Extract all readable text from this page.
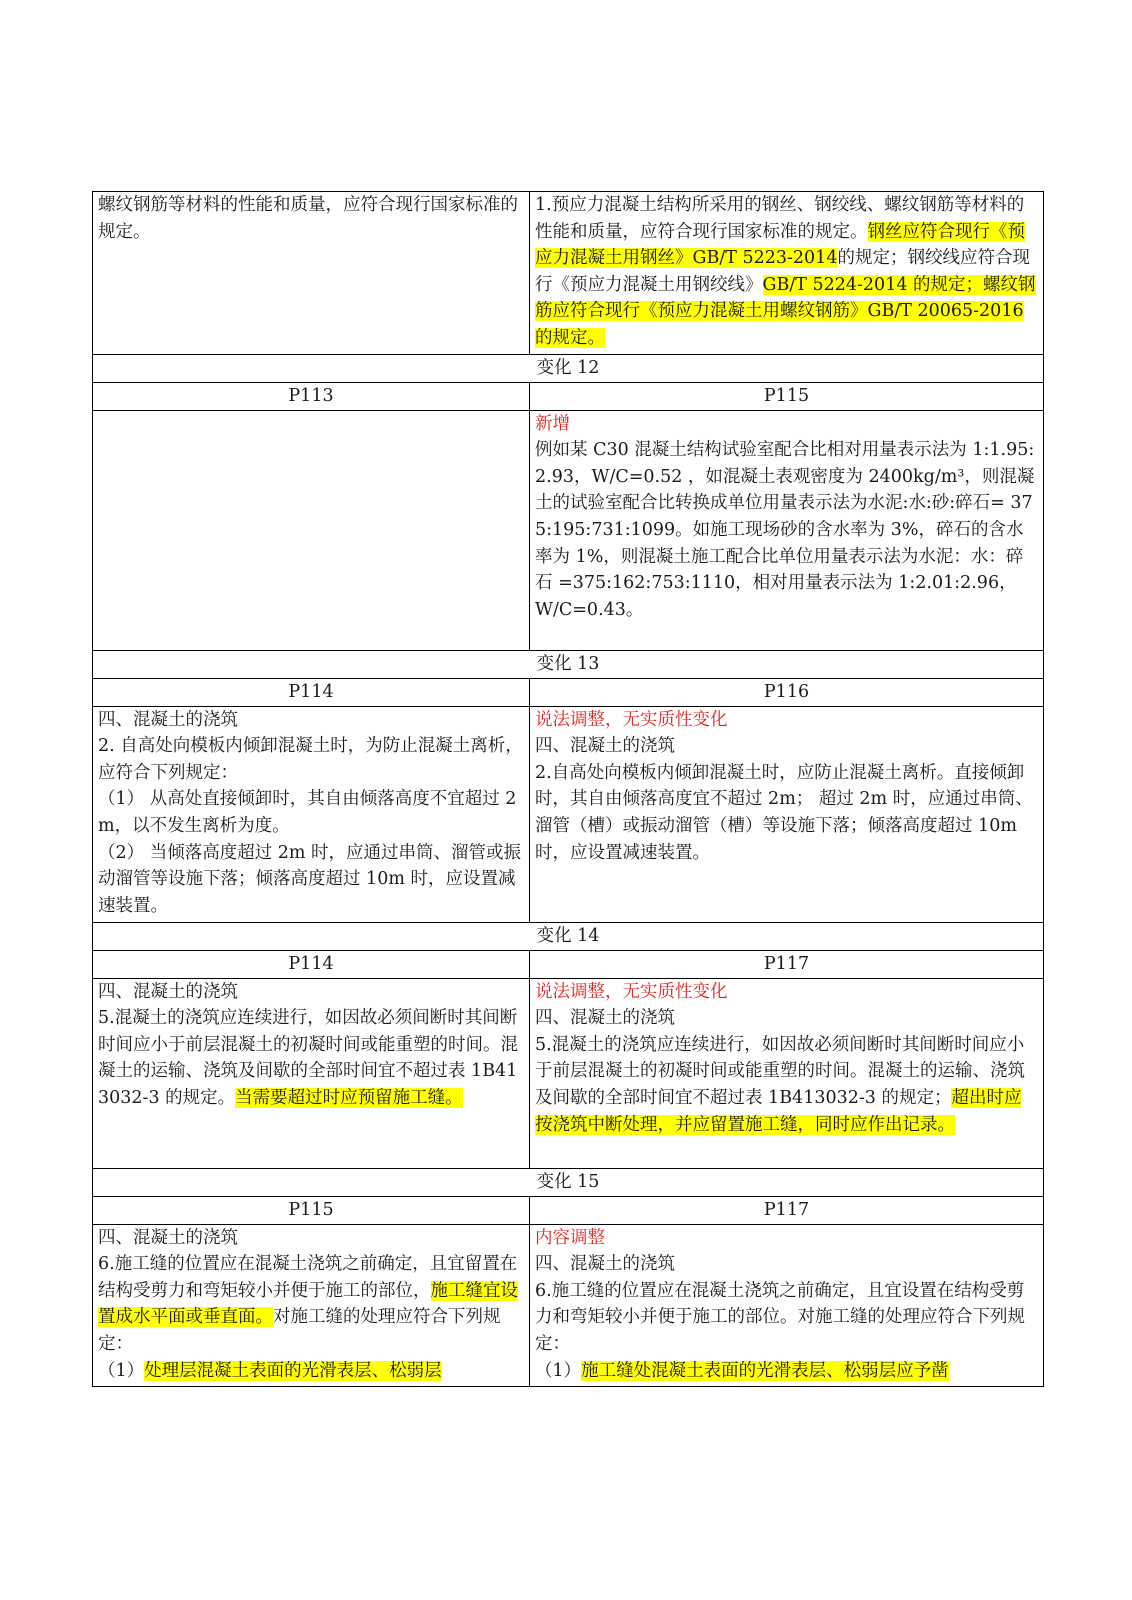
螺纹钢筋等材料的性能和质量，应符合现行国家标准的规定。	1.预应力混凝土结构所采用的钢丝、钢绞线、螺纹钢筋等材料的性能和质量，应符合现行国家标准的规定。钢丝应符合现行《预应力混凝土用钢丝》GB/T 5223-2014的规定；钢绞线应符合现行《预应力混凝土用钢绞线》GB/T 5224-2014 的规定；螺纹钢筋应符合现行《预应力混凝土用螺纹钢筋》GB/T 20065-2016 的规定。
变化 12	
P113	P115

	新增
例如某 C30 混凝土结构试验室配合比相对用量表示法为 1:1.95:2.93，W/C=0.52 ，如混凝土表观密度为 2400kg/m³，则混凝土的试验室配合比转换成单位用量表示法为水泥:水:砂:碎石= 375:195:731:1099。如施工现场砂的含水率为 3%，碎石的含水率为 1%，则混凝土施工配合比单位用量表示法为水泥：水：碎石 =375:162:753:1110，相对用量表示法为 1:2.01:2.96，W/C=0.43。

变化 13	
P114	P116

四、混凝土的浇筑
2. 自高处向模板内倾卸混凝土时，为防止混凝土离析，应符合下列规定：
（1） 从高处直接倾卸时，其自由倾落高度不宜超过 2m，以不发生离析为度。
（2） 当倾落高度超过 2m 时，应通过串筒、溜管或振动溜管等设施下落；倾落高度超过 10m 时，应设置减速装置。	说法调整，无实质性变化
四、混凝土的浇筑
2.自高处向模板内倾卸混凝土时，应防止混凝土离析。直接倾卸时，其自由倾落高度宜不超过 2m； 超过 2m 时，应通过串筒、溜管（槽）或振动溜管（槽）等设施下落；倾落高度超过 10m 时，应设置减速装置。

变化 14	
P114	P117

四、混凝土的浇筑
5.混凝土的浇筑应连续进行，如因故必须间断时其间断时间应小于前层混凝土的初凝时间或能重塑的时间。混凝土的运输、浇筑及间歇的全部时间宜不超过表 1B413032-3 的规定。当需要超过时应预留施工缝。	说法调整，无实质性变化
四、混凝土的浇筑
5.混凝土的浇筑应连续进行，如因故必须间断时其间断时间应小于前层混凝土的初凝时间或能重塑的时间。混凝土的运输、浇筑及间歇的全部时间宜不超过表 1B413032-3 的规定；超出时应按浇筑中断处理，并应留置施工缝，同时应作出记录。
变化 15	
P115	P117

四、混凝土的浇筑
6.施工缝的位置应在混凝土浇筑之前确定，且宜留置在结构受剪力和弯矩较小并便于施工的部位，施工缝宜设置成水平面或垂直面。对施工缝的处理应符合下列规定：
（1）处理层混凝土表面的光滑表层、松弱层	内容调整
四、混凝土的浇筑
6.施工缝的位置应在混凝土浇筑之前确定，且宜设置在结构受剪力和弯矩较小并便于施工的部位。对施工缝的处理应符合下列规定：
（1）施工缝处混凝土表面的光滑表层、松弱层应予凿
